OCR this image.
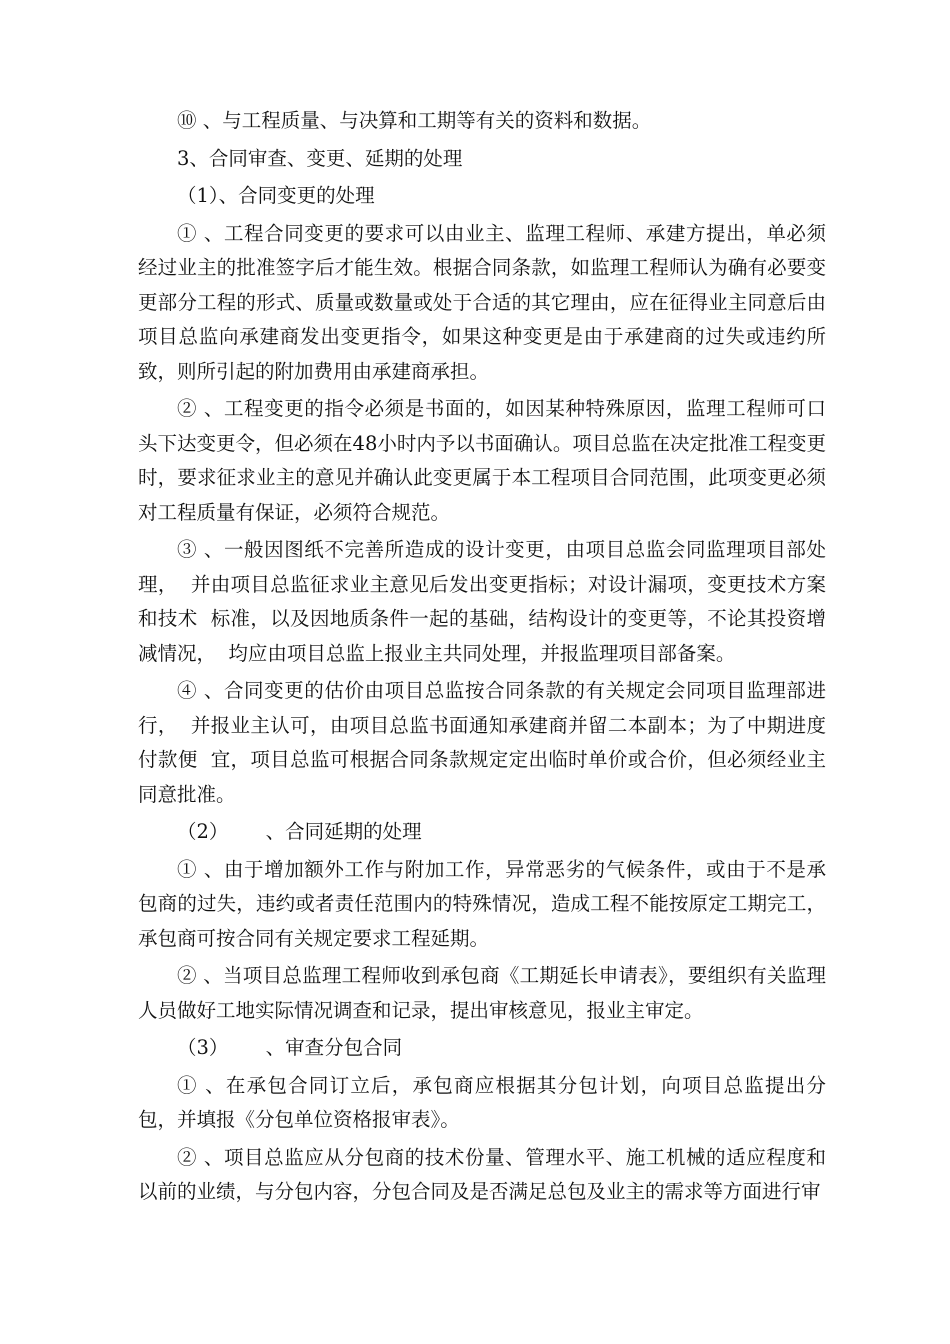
⑩ 、与工程质量、与决算和工期等有关的资料和数据。

3、合同审查、变更、延期的处理

（1）、合同变更的处理

① 、工程合同变更的要求可以由业主、监理工程师、承建方提出，单必须经过业主的批准签字后才能生效。根据合同条款，如监理工程师认为确有必要变更部分工程的形式、质量或数量或处于合适的其它理由，应在征得业主同意后由项目总监向承建商发出变更指令，如果这种变更是由于承建商的过失或违约所致，则所引起的附加费用由承建商承担。

② 、工程变更的指令必须是书面的，如因某种特殊原因，监理工程师可口头下达变更令，但必须在48小时内予以书面确认。项目总监在决定批准工程变更时，要求征求业主的意见并确认此变更属于本工程项目合同范围，此项变更必须对工程质量有保证，必须符合规范。

③ 、一般因图纸不完善所造成的设计变更，由项目总监会同监理项目部处理，  并由项目总监征求业主意见后发出变更指标；对设计漏项，变更技术方案和技术  标准，以及因地质条件一起的基础，结构设计的变更等，不论其投资增减情况，  均应由项目总监上报业主共同处理，并报监理项目部备案。

④ 、合同变更的估价由项目总监按合同条款的有关规定会同项目监理部进行，  并报业主认可，由项目总监书面通知承建商并留二本副本；为了中期进度付款便  宜，项目总监可根据合同条款规定定出临时单价或合价，但必须经业主同意批准。

（2）      、合同延期的处理

① 、由于增加额外工作与附加工作，异常恶劣的气候条件，或由于不是承包商的过失，违约或者责任范围内的特殊情况，造成工程不能按原定工期完工，承包商可按合同有关规定要求工程延期。

② 、当项目总监理工程师收到承包商《工期延长申请表》，要组织有关监理人员做好工地实际情况调查和记录，提出审核意见，报业主审定。

（3）      、审查分包合同

① 、在承包合同订立后，承包商应根据其分包计划，向项目总监提出分包，并填报《分包单位资格报审表》。

② 、项目总监应从分包商的技术份量、管理水平、施工机械的适应程度和以前的业绩，与分包内容，分包合同及是否满足总包及业主的需求等方面进行审
